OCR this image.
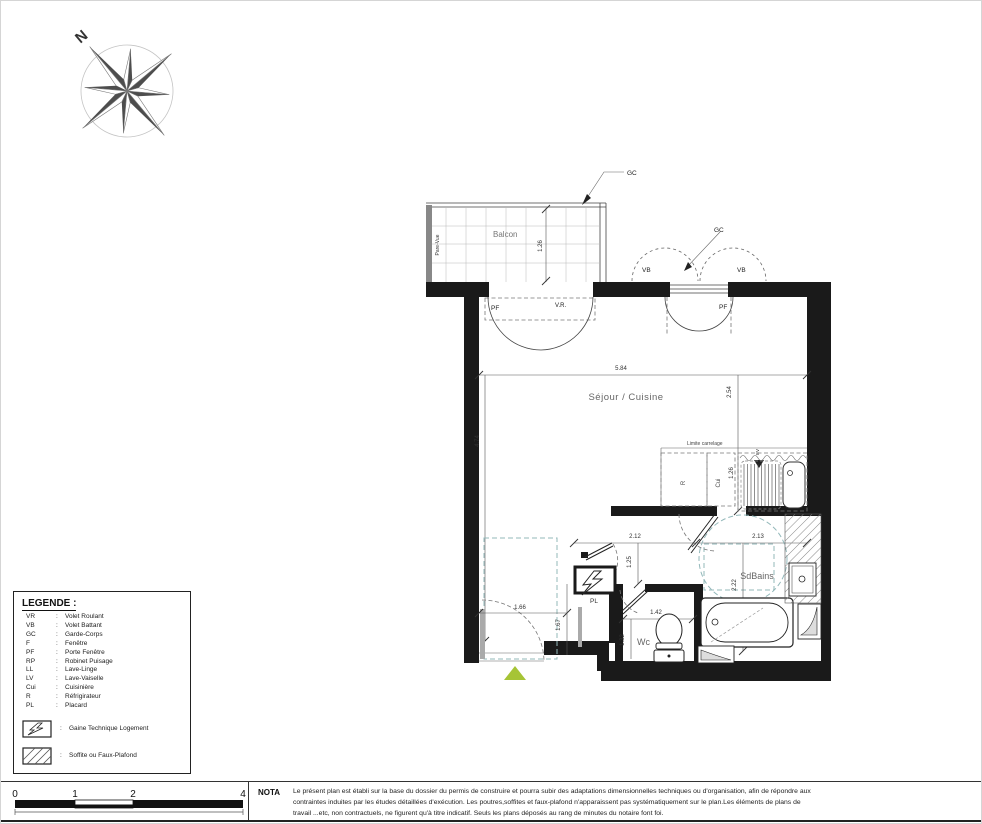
N
Pare-Vue
Balcon
1.26
GC
VB	VB
GC
PF
PF	V.R.
Séjour / Cuisine
5.84
4.74
2.54
Limite carrelage
R	Cui
1.26
EV
2.12	2.13
1.25
SdBains
2.22
Wc
1.42
1.32
PL
1.66
1.67
LEGENDE :
VR	:	Volet Roulant
VB	:	Volet Battant
GC	:	Garde-Corps
F	:	Fenêtre
PF	:	Porte Fenêtre
RP	:	Robinet Puisage
LL	:	Lave-Linge
LV	:	Lave-Vaiselle
Cui	:	Cuisinière
R	:	Réfrigirateur
PL	:	Placard
:	Gaine Technique Logement
:	Soffite ou Faux-Plafond
0	1	2	4 NOTA Le présent plan est établi sur la base du dossier du permis de construire et pourra subir des adaptations dimensionnelles techniques ou d'organisation, afin de répondre aux
contraintes induites par les études détaillées d'exécution. Les poutres,soffites et faux-plafond n'apparaissent pas systématiquement sur le plan.Les éléments de plans de
travail ...etc, non contractuels, ne figurent qu'à titre indicatif. Seuls les plans déposés au rang de minutes du notaire font foi.
